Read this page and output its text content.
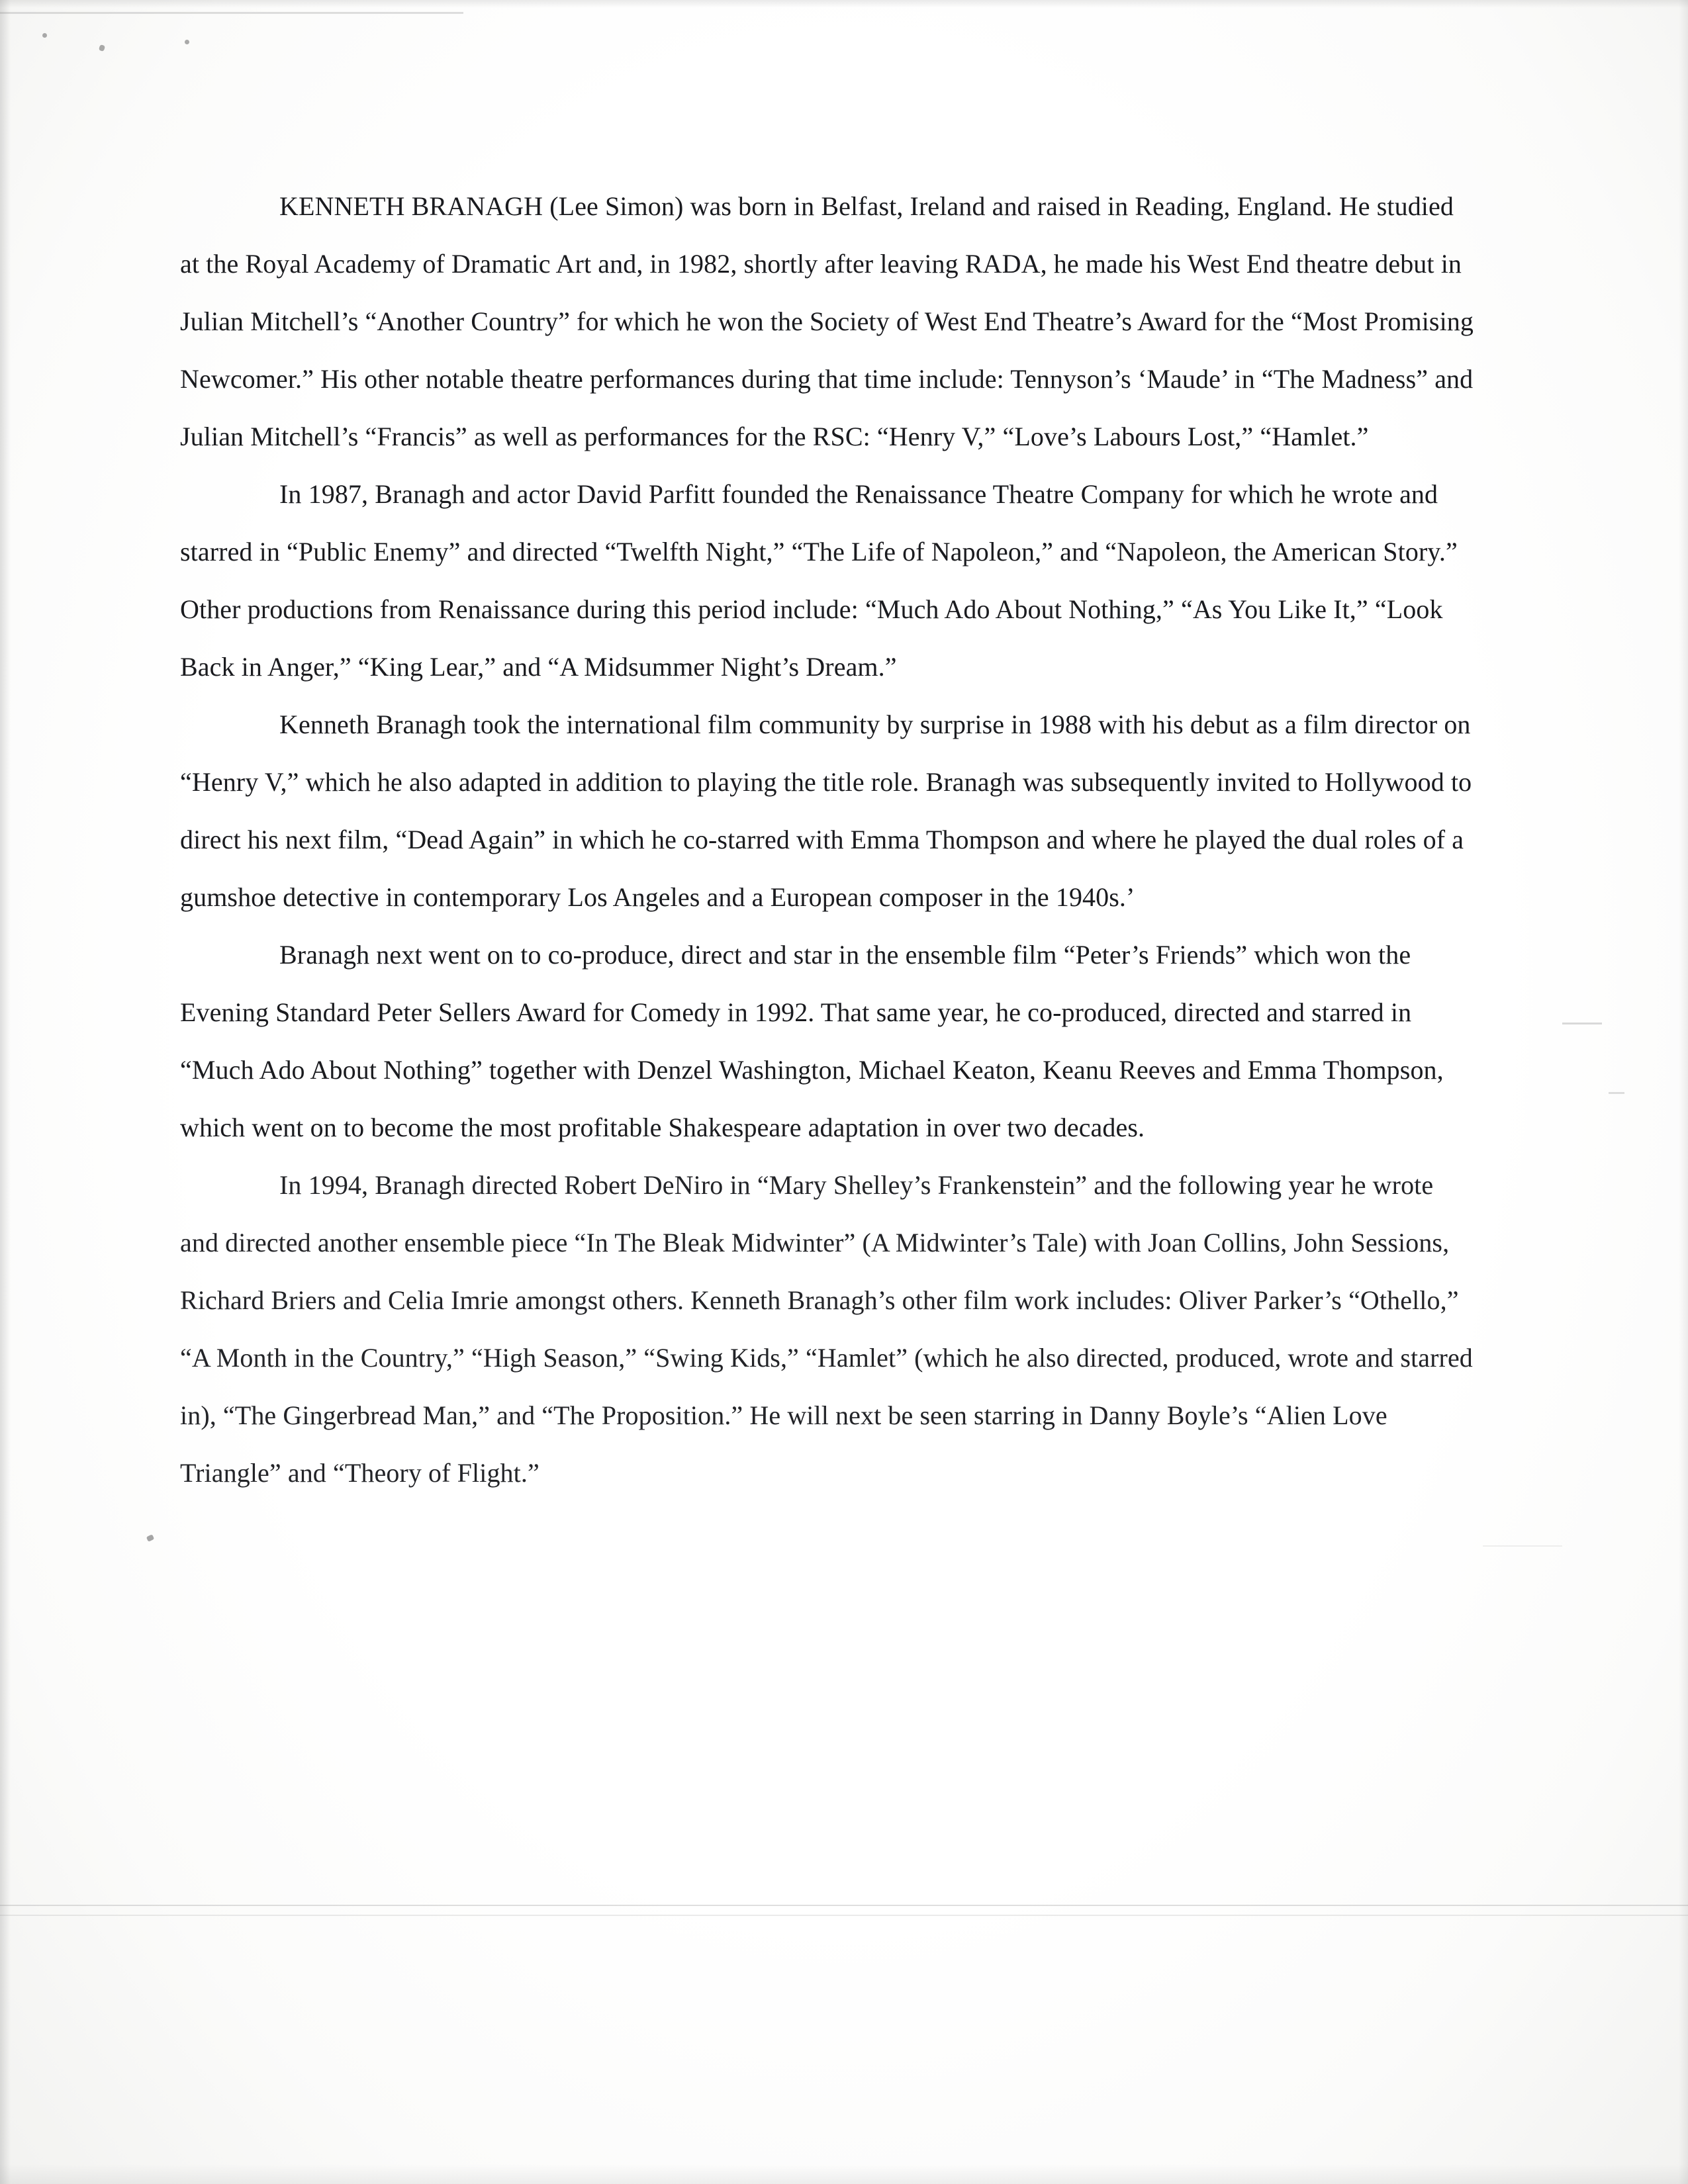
KENNETH BRANAGH (Lee Simon) was born in Belfast, Ireland and raised in Reading, England. He studied at the Royal Academy of Dramatic Art and, in 1982, shortly after leaving RADA, he made his West End theatre debut in Julian Mitchell’s “Another Country” for which he won the Society of West End Theatre’s Award for the “Most Promising Newcomer.” His other notable theatre performances during that time include: Tennyson’s ‘Maude’ in “The Madness” and Julian Mitchell’s “Francis” as well as performances for the RSC: “Henry V,” “Love’s Labours Lost,” “Hamlet.”

In 1987, Branagh and actor David Parfitt founded the Renaissance Theatre Company for which he wrote and starred in “Public Enemy” and directed “Twelfth Night,” “The Life of Napoleon,” and “Napoleon, the American Story.” Other productions from Renaissance during this period include: “Much Ado About Nothing,” “As You Like It,” “Look Back in Anger,” “King Lear,” and “A Midsummer Night’s Dream.”

Kenneth Branagh took the international film community by surprise in 1988 with his debut as a film director on “Henry V,” which he also adapted in addition to playing the title role. Branagh was subsequently invited to Hollywood to direct his next film, “Dead Again” in which he co-starred with Emma Thompson and where he played the dual roles of a gumshoe detective in contemporary Los Angeles and a European composer in the 1940s.’

Branagh next went on to co-produce, direct and star in the ensemble film “Peter’s Friends” which won the Evening Standard Peter Sellers Award for Comedy in 1992. That same year, he co-produced, directed and starred in “Much Ado About Nothing” together with Denzel Washington, Michael Keaton, Keanu Reeves and Emma Thompson, which went on to become the most profitable Shakespeare adaptation in over two decades.

In 1994, Branagh directed Robert DeNiro in “Mary Shelley’s Frankenstein” and the following year he wrote and directed another ensemble piece “In The Bleak Midwinter” (A Midwinter’s Tale) with Joan Collins, John Sessions, Richard Briers and Celia Imrie amongst others. Kenneth Branagh’s other film work includes: Oliver Parker’s “Othello,” “A Month in the Country,” “High Season,” “Swing Kids,” “Hamlet” (which he also directed, produced, wrote and starred in), “The Gingerbread Man,” and “The Proposition.” He will next be seen starring in Danny Boyle’s “Alien Love Triangle” and “Theory of Flight.”
